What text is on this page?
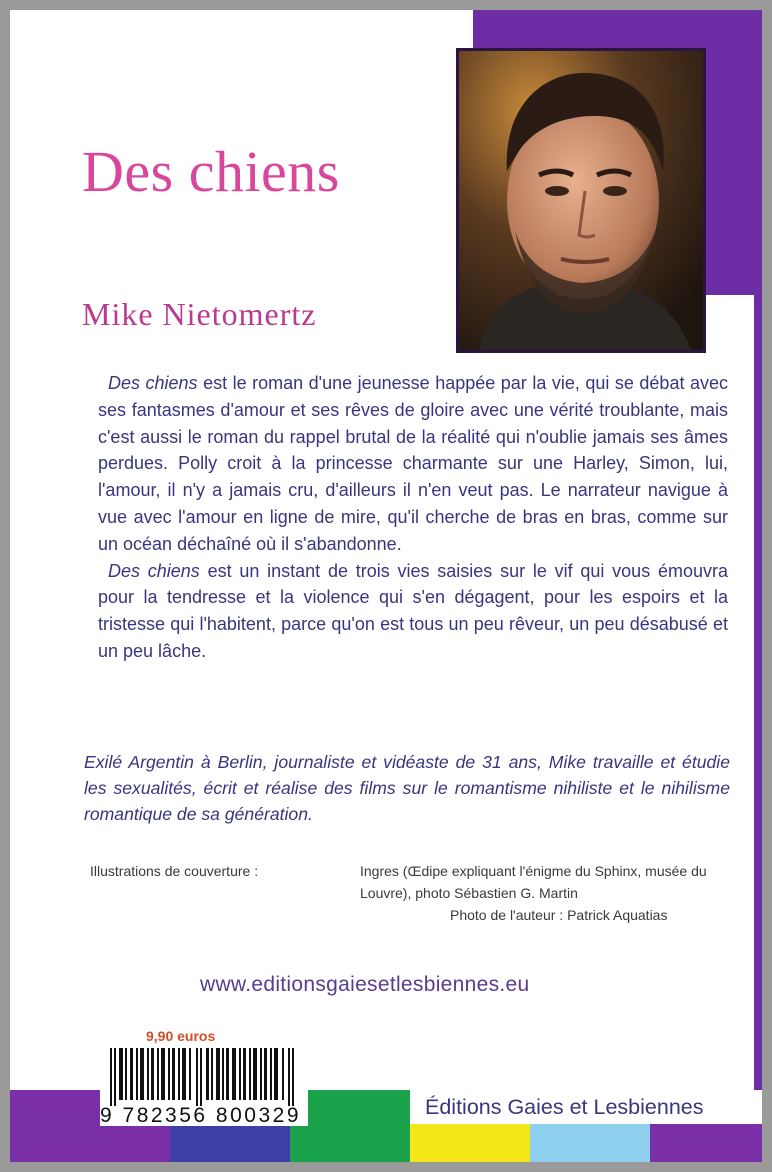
Des chiens
Mike Nietomertz

Des chiens est le roman d'une jeunesse happée par la vie, qui se débat avec ses fantasmes d'amour et ses rêves de gloire avec une vérité troublante, mais c'est aussi le roman du rappel brutal de la réalité qui n'oublie jamais ses âmes perdues. Polly croit à la princesse charmante sur une Harley, Simon, lui, l'amour, il n'y a jamais cru, d'ailleurs il n'en veut pas. Le narrateur navigue à vue avec l'amour en ligne de mire, qu'il cherche de bras en bras, comme sur un océan déchaîné où il s'abandonne.

Des chiens est un instant de trois vies saisies sur le vif qui vous émouvra pour la tendresse et la violence qui s'en dégagent, pour les espoirs et la tristesse qui l'habitent, parce qu'on est tous un peu rêveur, un peu désabusé et un peu lâche.

Exilé Argentin à Berlin, journaliste et vidéaste de 31 ans, Mike travaille et étudie les sexualités, écrit et réalise des films sur le romantisme nihiliste et le nihilisme romantique de sa génération.
Illustrations de couverture :	Ingres (Œdipe expliquant l'énigme du Sphinx, musée du Louvre), photo Sébastien G. Martin
Photo de l'auteur : Patrick Aquatias
www.editionsgaiesetlesbiennes.eu
9,90 euros
9 782356 800329	Éditions Gaies et Lesbiennes
